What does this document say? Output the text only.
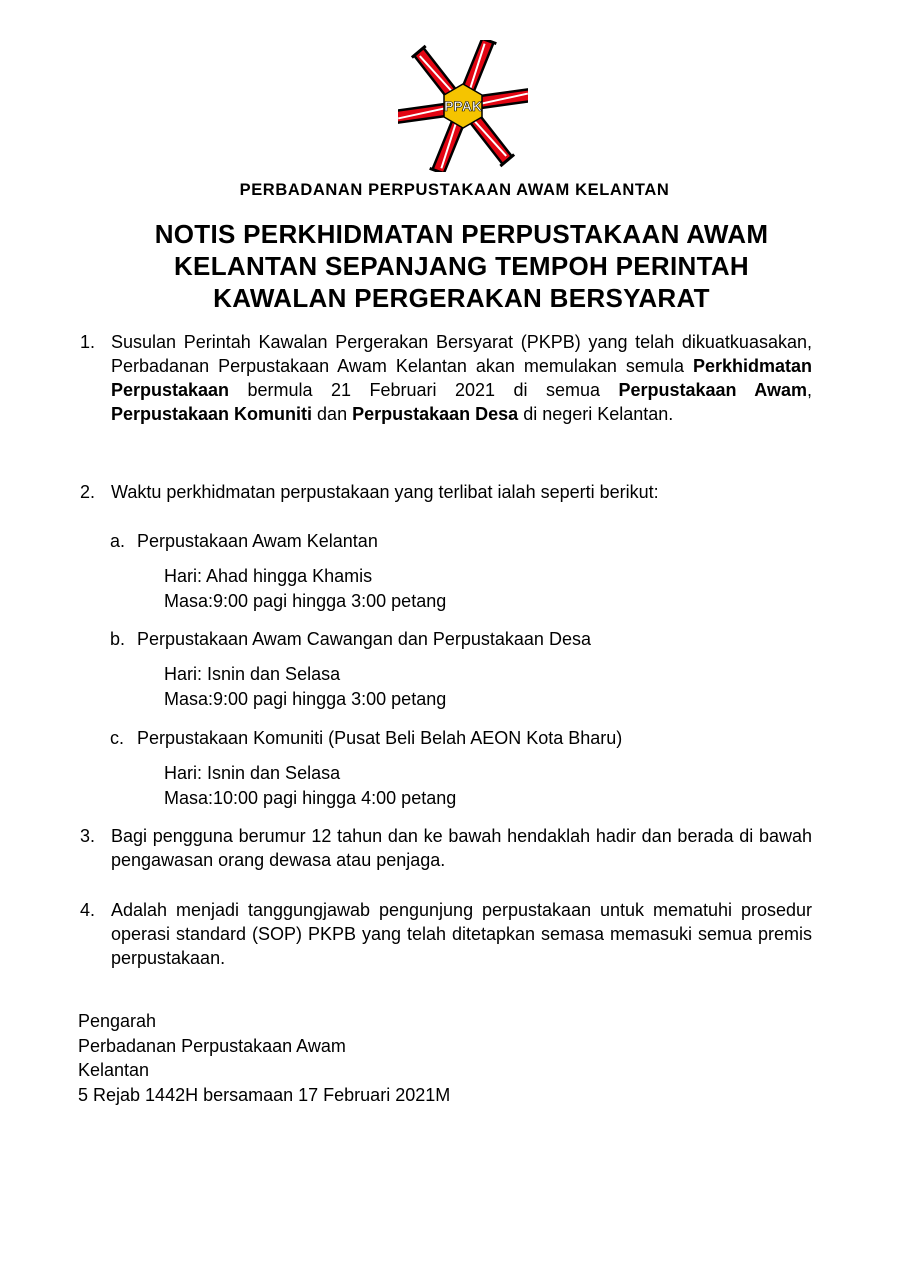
PPAK
PERBADANAN PERPUSTAKAAN AWAM KELANTAN
NOTIS PERKHIDMATAN PERPUSTAKAAN AWAM
KELANTAN SEPANJANG TEMPOH PERINTAH
KAWALAN PERGERAKAN BERSYARAT
1. Susulan Perintah Kawalan Pergerakan Bersyarat (PKPB) yang telah dikuatkuasakan, Perbadanan Perpustakaan Awam Kelantan akan memulakan semula Perkhidmatan Perpustakaan bermula 21 Februari 2021 di semua Perpustakaan Awam, Perpustakaan Komuniti dan Perpustakaan Desa di negeri Kelantan.
2. Waktu perkhidmatan perpustakaan yang terlibat ialah seperti berikut:
a. Perpustakaan Awam Kelantan
Hari: Ahad hingga Khamis
Masa:9:00 pagi hingga 3:00 petang
b. Perpustakaan Awam Cawangan dan Perpustakaan Desa
Hari: Isnin dan Selasa
Masa:9:00 pagi hingga 3:00 petang
c. Perpustakaan Komuniti (Pusat Beli Belah AEON Kota Bharu)
Hari: Isnin dan Selasa
Masa:10:00 pagi hingga 4:00 petang
3. Bagi pengguna berumur 12 tahun dan ke bawah hendaklah hadir dan berada di bawah pengawasan orang dewasa atau penjaga.
4. Adalah menjadi tanggungjawab pengunjung perpustakaan untuk mematuhi prosedur operasi standard (SOP) PKPB yang telah ditetapkan semasa memasuki semua premis perpustakaan.
Pengarah
Perbadanan Perpustakaan Awam
Kelantan
5 Rejab 1442H bersamaan 17 Februari 2021M
